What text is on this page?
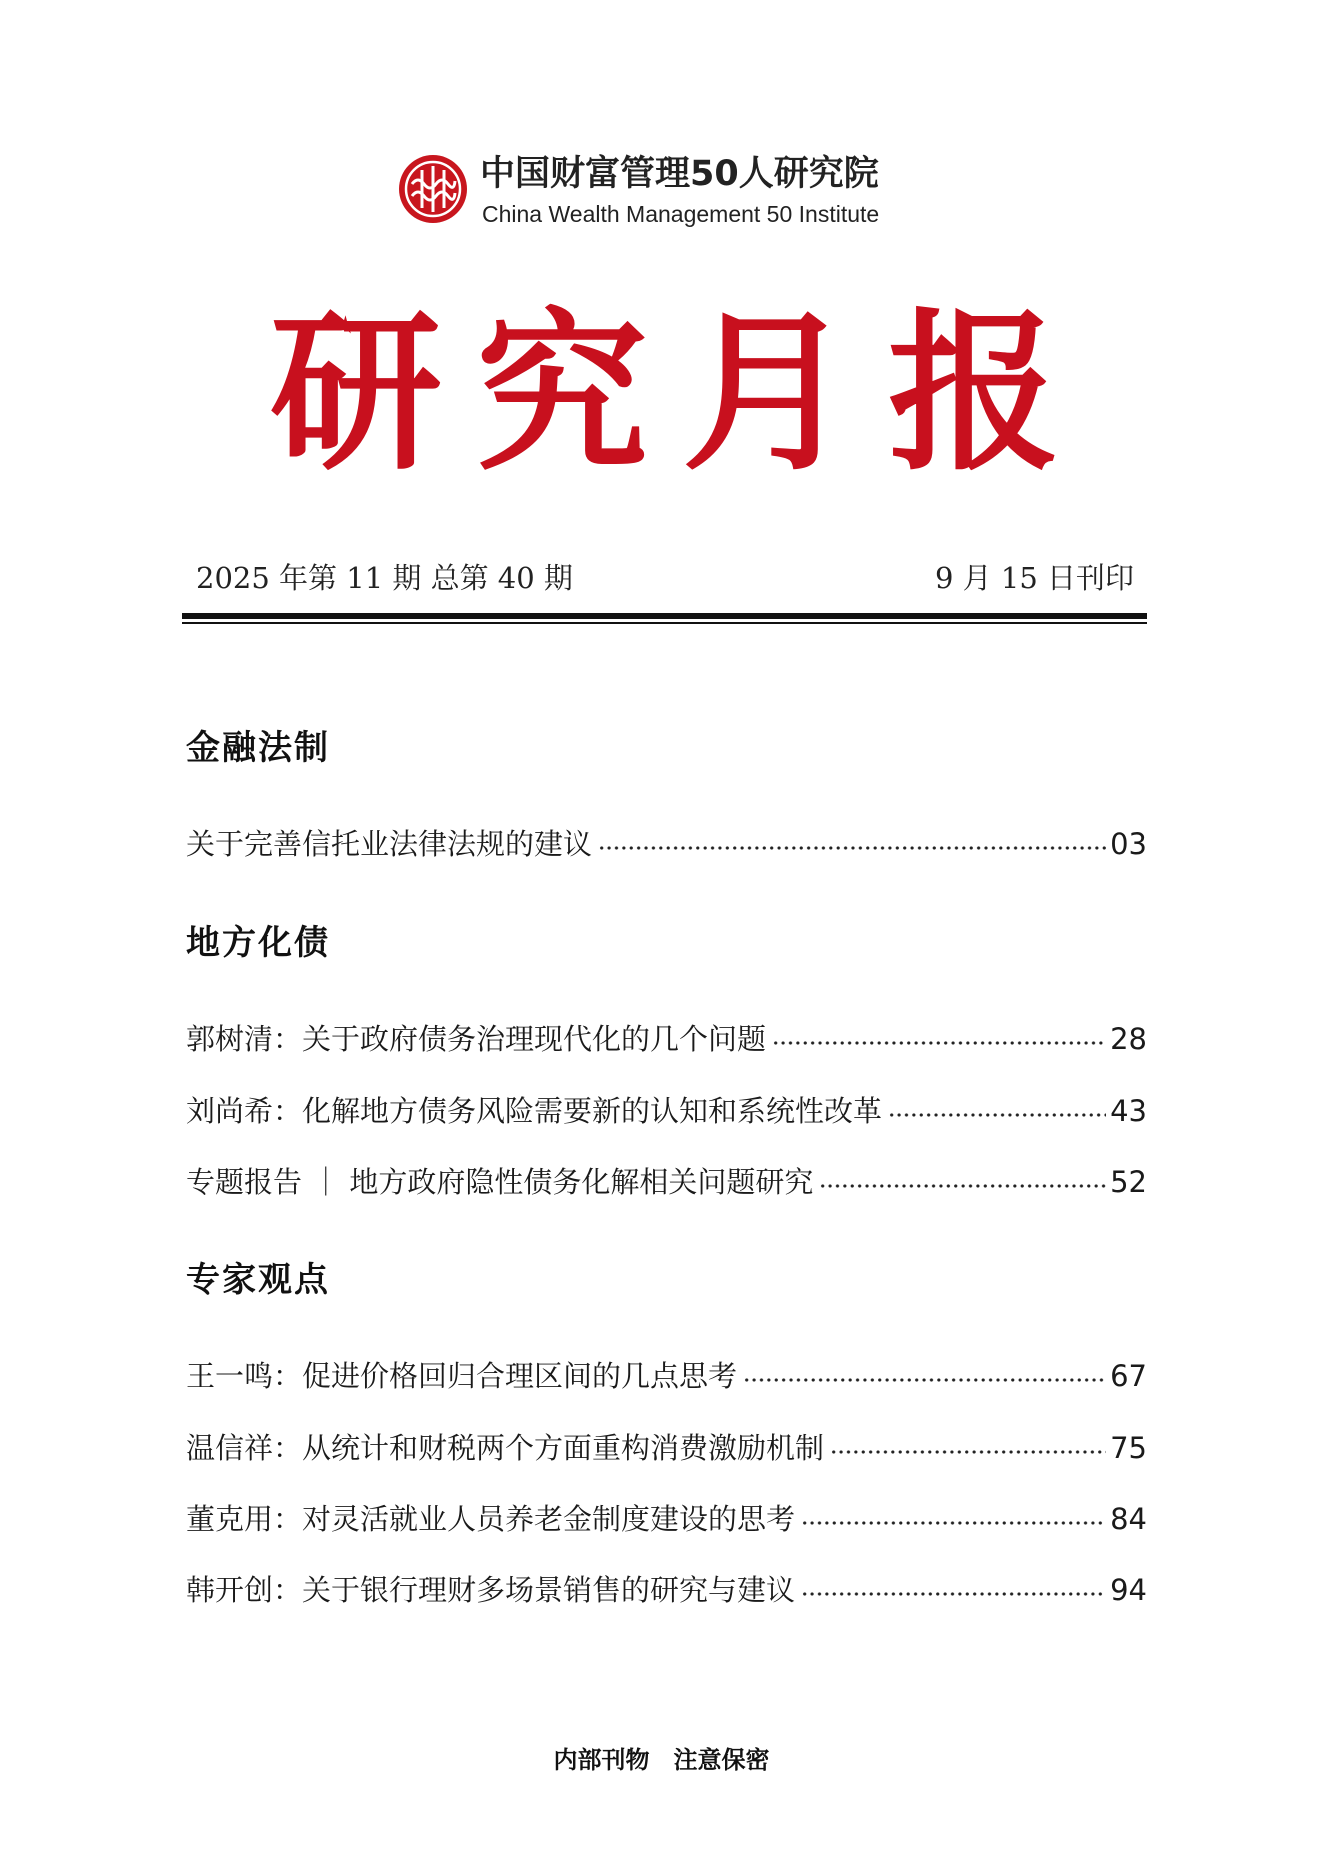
中国财富管理50人研究院
China Wealth Management 50 Institute
研究月报
2025 年第 11 期 总第 40 期	9 月 15 日刊印
金融法制
关于完善信托业法律法规的建议	03
地方化债
郭树清：关于政府债务治理现代化的几个问题	28
刘尚希：化解地方债务风险需要新的认知和系统性改革	43
专题报告 ｜ 地方政府隐性债务化解相关问题研究	52
专家观点
王一鸣：促进价格回归合理区间的几点思考	67
温信祥：从统计和财税两个方面重构消费激励机制	75
董克用：对灵活就业人员养老金制度建设的思考	84
韩开创：关于银行理财多场景销售的研究与建议	94
内部刊物　注意保密
